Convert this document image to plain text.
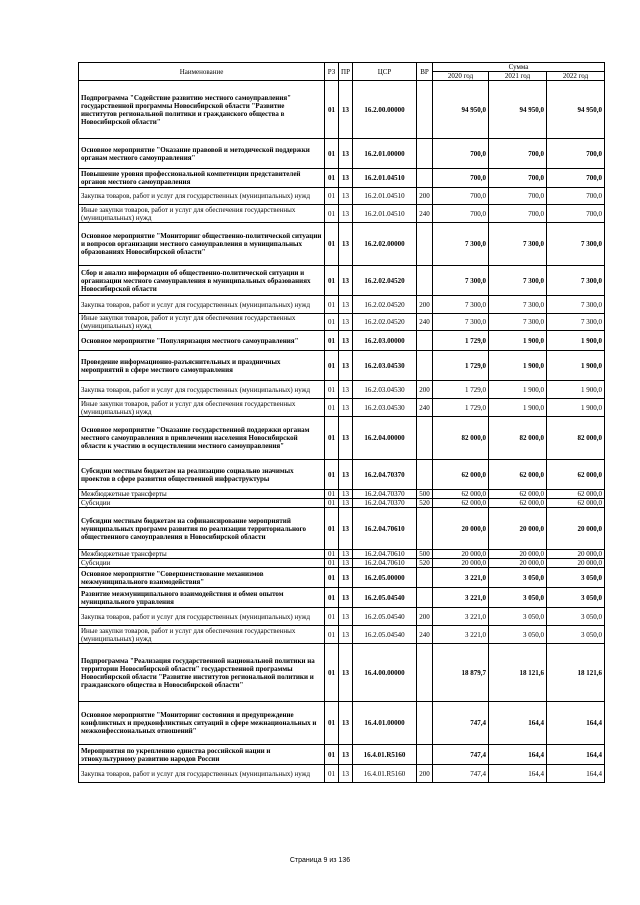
Наименование	РЗ	ПР	ЦСР	ВР	Сумма		
					2020 год	2021 год	2022 год
Подпрограмма "Содействие развитию местного самоуправления" государственной программы Новосибирской области "Развитие институтов региональной политики и гражданского общества в Новосибирской области"	01	13	16.2.00.00000		94 950,0	94 950,0	94 950,0
Основное мероприятие "Оказание правовой и методической поддержки органам местного самоуправления"	01	13	16.2.01.00000		700,0	700,0	700,0
Повышение уровня профессиональной компетенции представителей органов местного самоуправления	01	13	16.2.01.04510		700,0	700,0	700,0
Закупка товаров, работ и услуг для государственных (муниципальных) нужд	01	13	16.2.01.04510	200	700,0	700,0	700,0
Иные закупки товаров, работ и услуг для обеспечения государственных (муниципальных) нужд	01	13	16.2.01.04510	240	700,0	700,0	700,0
Основное мероприятие "Мониторинг общественно-политической ситуации и вопросов организации местного самоуправления в муниципальных образованиях Новосибирской области"	01	13	16.2.02.00000		7 300,0	7 300,0	7 300,0
Сбор и анализ информации об общественно-политической ситуации и организации местного самоуправления в муниципальных образованиях Новосибирской области	01	13	16.2.02.04520		7 300,0	7 300,0	7 300,0
Закупка товаров, работ и услуг для государственных (муниципальных) нужд	01	13	16.2.02.04520	200	7 300,0	7 300,0	7 300,0
Иные закупки товаров, работ и услуг для обеспечения государственных (муниципальных) нужд	01	13	16.2.02.04520	240	7 300,0	7 300,0	7 300,0
Основное мероприятие "Популяризация местного самоуправления"	01	13	16.2.03.00000		1 729,0	1 900,0	1 900,0
Проведение информационно-разъяснительных и праздничных мероприятий в сфере местного самоуправления	01	13	16.2.03.04530		1 729,0	1 900,0	1 900,0
Закупка товаров, работ и услуг для государственных (муниципальных) нужд	01	13	16.2.03.04530	200	1 729,0	1 900,0	1 900,0
Иные закупки товаров, работ и услуг для обеспечения государственных (муниципальных) нужд	01	13	16.2.03.04530	240	1 729,0	1 900,0	1 900,0
Основное мероприятие "Оказание государственной поддержки органам местного самоуправления в привлечении населения Новосибирской области к участию в осуществлении местного самоуправления"	01	13	16.2.04.00000		82 000,0	82 000,0	82 000,0
Субсидии местным бюджетам на реализацию социально значимых проектов в сфере развития общественной инфраструктуры	01	13	16.2.04.70370		62 000,0	62 000,0	62 000,0
Межбюджетные трансферты	01	13	16.2.04.70370	500	62 000,0	62 000,0	62 000,0
Субсидии	01	13	16.2.04.70370	520	62 000,0	62 000,0	62 000,0
Субсидии местным бюджетам на софинансирование мероприятий муниципальных программ развития по реализации территориального общественного самоуправления в Новосибирской области	01	13	16.2.04.70610		20 000,0	20 000,0	20 000,0
Межбюджетные трансферты	01	13	16.2.04.70610	500	20 000,0	20 000,0	20 000,0
Субсидии	01	13	16.2.04.70610	520	20 000,0	20 000,0	20 000,0
Основное мероприятие "Совершенствование механизмов межмуниципального взаимодействия"	01	13	16.2.05.00000		3 221,0	3 050,0	3 050,0
Развитие межмуниципального взаимодействия и обмен опытом муниципального управления	01	13	16.2.05.04540		3 221,0	3 050,0	3 050,0
Закупка товаров, работ и услуг для государственных (муниципальных) нужд	01	13	16.2.05.04540	200	3 221,0	3 050,0	3 050,0
Иные закупки товаров, работ и услуг для обеспечения государственных (муниципальных) нужд	01	13	16.2.05.04540	240	3 221,0	3 050,0	3 050,0
Подпрограмма "Реализация государственной национальной политики на территории Новосибирской области" государственной программы Новосибирской области "Развитие институтов региональной политики и гражданского общества в Новосибирской области"	01	13	16.4.00.00000		18 879,7	18 121,6	18 121,6
Основное мероприятие "Мониторинг состояния и предупреждение конфликтных и предконфликтных ситуаций в сфере межнациональных и межконфессиональных отношений"	01	13	16.4.01.00000		747,4	164,4	164,4
Мероприятия по укреплению единства российской нации и этнокультурному развитию народов России	01	13	16.4.01.R5160		747,4	164,4	164,4
Закупка товаров, работ и услуг для государственных (муниципальных) нужд	01	13	16.4.01.R5160	200	747,4	164,4	164,4
Страница 9 из 136
